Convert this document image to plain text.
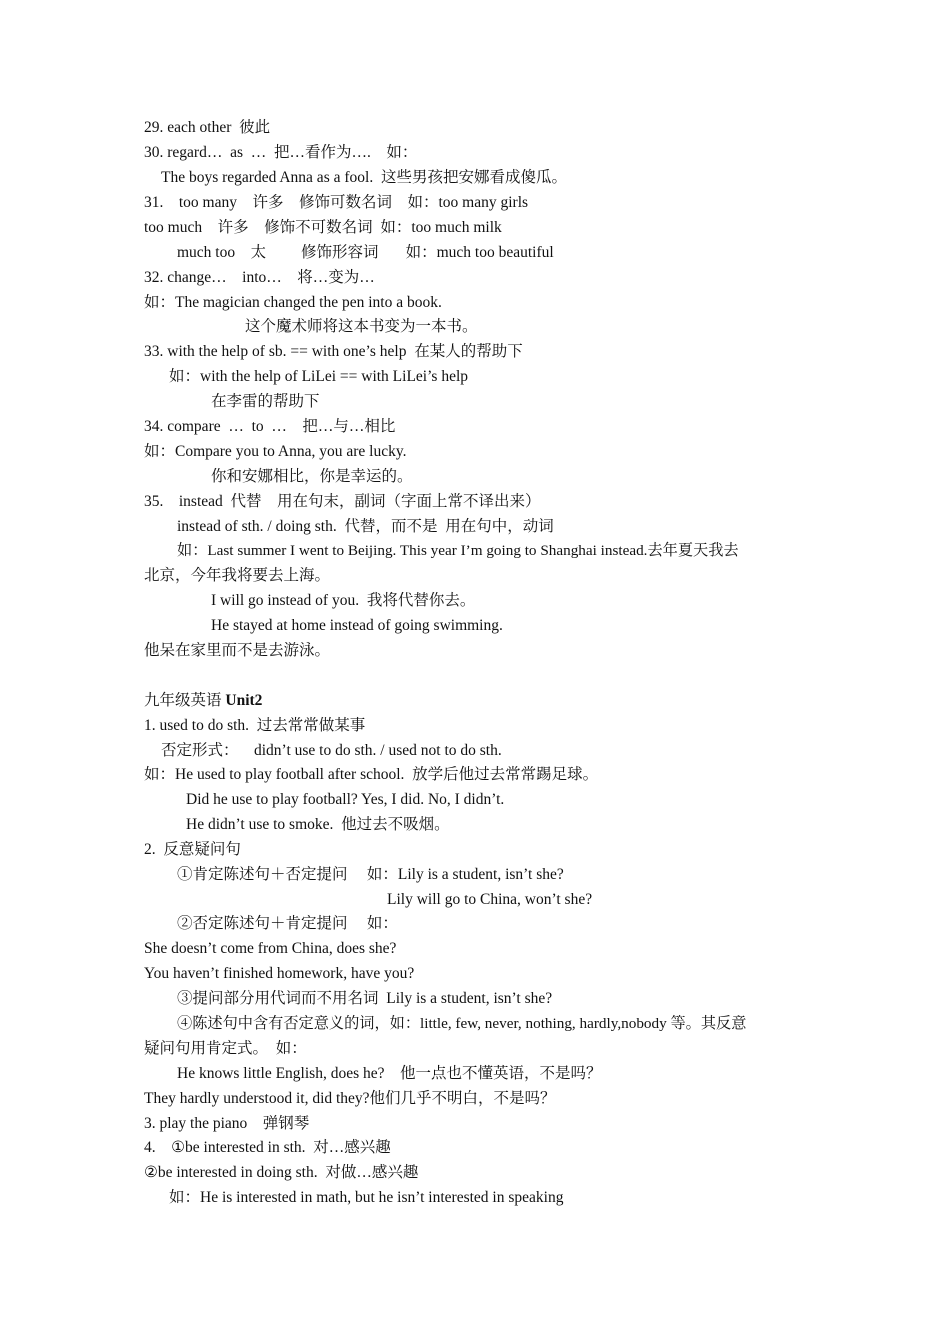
29. each other  彼此
30. regard…  as  …  把…看作为….    如：
The boys regarded Anna as a fool.  这些男孩把安娜看成傻瓜。
31.    too many    许多    修饰可数名词    如：too many girls
too much    许多    修饰不可数名词  如：too much milk
much too    太         修饰形容词       如：much too beautiful
32. change…    into…    将…变为…
如：The magician changed the pen into a book.
这个魔术师将这本书变为一本书。
33. with the help of sb. == with one’s help  在某人的帮助下
如：with the help of LiLei == with LiLei’s help
在李雷的帮助下
34. compare  …  to  …    把…与…相比
如：Compare you to Anna, you are lucky.
你和安娜相比，你是幸运的。
35.    instead  代替    用在句末，副词（字面上常不译出来）
instead of sth. / doing sth.  代替，而不是  用在句中，动词
如：Last summer I went to Beijing. This year I’m going to Shanghai instead.去年夏天我去
北京，今年我将要去上海。
I will go instead of you.  我将代替你去。
He stayed at home instead of going swimming.
他呆在家里而不是去游泳。
九年级英语 Unit2
1. used to do sth.  过去常常做某事
否定形式：    didn’t use to do sth. / used not to do sth.
如：He used to play football after school.  放学后他过去常常踢足球。
Did he use to play football? Yes, I did. No, I didn’t.
He didn’t use to smoke.  他过去不吸烟。
2.  反意疑问句
①肯定陈述句＋否定提问     如：Lily is a student, isn’t she?
Lily will go to China, won’t she?
②否定陈述句＋肯定提问     如：
She doesn’t come from China, does she?
You haven’t finished homework, have you?
③提问部分用代词而不用名词  Lily is a student, isn’t she?
④陈述句中含有否定意义的词，如：little, few, never, nothing, hardly,nobody 等。其反意
疑问句用肯定式。  如：
He knows little English, does he?    他一点也不懂英语，不是吗？
They hardly understood it, did they?他们几乎不明白，不是吗？
3. play the piano    弹钢琴
4.    ①be interested in sth.  对…感兴趣
②be interested in doing sth.  对做…感兴趣
如：He is interested in math, but he isn’t interested in speaking
